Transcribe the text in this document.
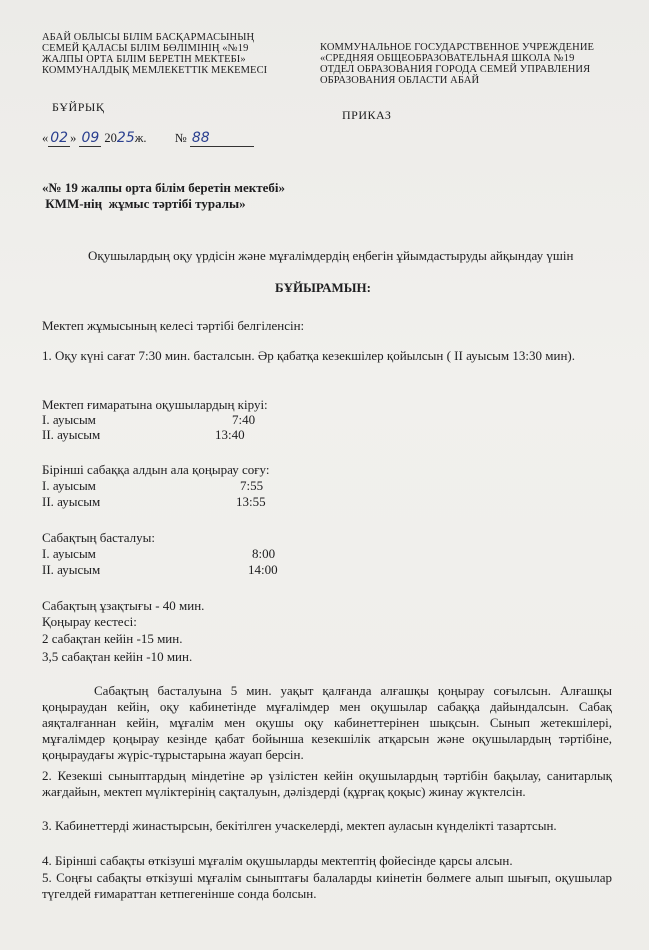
АБАЙ ОБЛЫСЫ БІЛІМ БАСҚАРМАСЫНЫҢ
СЕМЕЙ ҚАЛАСЫ БІЛІМ БӨЛІМІНІҢ «№19
ЖАЛПЫ ОРТА БІЛІМ БЕРЕТІН МЕКТЕБІ»
КОММУНАЛДЫҚ МЕМЛЕКЕТТІК МЕКЕМЕСІ
КОММУНАЛЬНОЕ ГОСУДАРСТВЕННОЕ УЧРЕЖДЕНИЕ
«СРЕДНЯЯ ОБЩЕОБРАЗОВАТЕЛЬНАЯ ШКОЛА №19
ОТДЕЛ ОБРАЗОВАНИЯ ГОРОДА СЕМЕЙ УПРАВЛЕНИЯ
ОБРАЗОВАНИЯ ОБЛАСТИ АБАЙ
БҰЙРЫҚ
ПРИКАЗ
« 02 » 09 2025ж. № 88
«№ 19 жалпы орта білім беретін мектебі»
КММ-нің  жұмыс тәртібі туралы»
Оқушылардың оқу үрдісін және мұғалімдердің еңбегін ұйымдастыруды айқындау үшін
БҰЙЫРАМЫН:
Мектеп жұмысының келесі тәртібі белгіленсін:
1. Оқу күні сағат 7:30 мин. басталсын. Әр қабатқа кезекшілер қойылсын ( II ауысым 13:30 мин).
Мектеп ғимаратына оқушылардың кіруі:
I. ауысым	7:40
II. ауысым	13:40
Бірінші сабаққа алдын ала қоңырау соғу:
I. ауысым	7:55
II. ауысым	13:55
Сабақтың басталуы:
I. ауысым	8:00
II. ауысым	14:00
Сабақтың ұзақтығы - 40 мин.
Қоңырау кестесі:
2 сабақтан кейін -15 мин.
3,5 сабақтан кейін -10 мин.
Сабақтың басталуына 5 мин. уақыт қалғанда алғашқы қоңырау соғылсын. Алғашқы қоңыраудан кейін, оқу кабинетінде мұғалімдер мен оқушылар сабаққа дайындалсын. Сабақ аяқталғаннан кейін, мұғалім мен оқушы оқу кабинеттерінен шықсын. Сынып жетекшілері, мұғалімдер қоңырау кезінде қабат бойынша кезекшілік атқарсын және оқушылардың тәртібіне, қоңыраудағы жүріс-тұрыстарына жауап берсін.
2. Кезекші сыныптардың міндетіне әр үзілістен кейін оқушылардың тәртібін бақылау, санитарлық жағдайын, мектеп мүліктерінің сақталуын, дәліздерді (құрғақ қоқыс) жинау жүктелсін.
3. Кабинеттерді жинастырсын, бекітілген учаскелерді, мектеп ауласын күнделікті тазартсын.
4. Бірінші сабақты өткізуші мұғалім оқушыларды мектептің фойесінде қарсы алсын.
5. Соңғы сабақты өткізуші мұғалім сыныптағы балаларды киінетін бөлмеге алып шығып, оқушылар түгелдей ғимараттан кетпегенінше сонда болсын.
